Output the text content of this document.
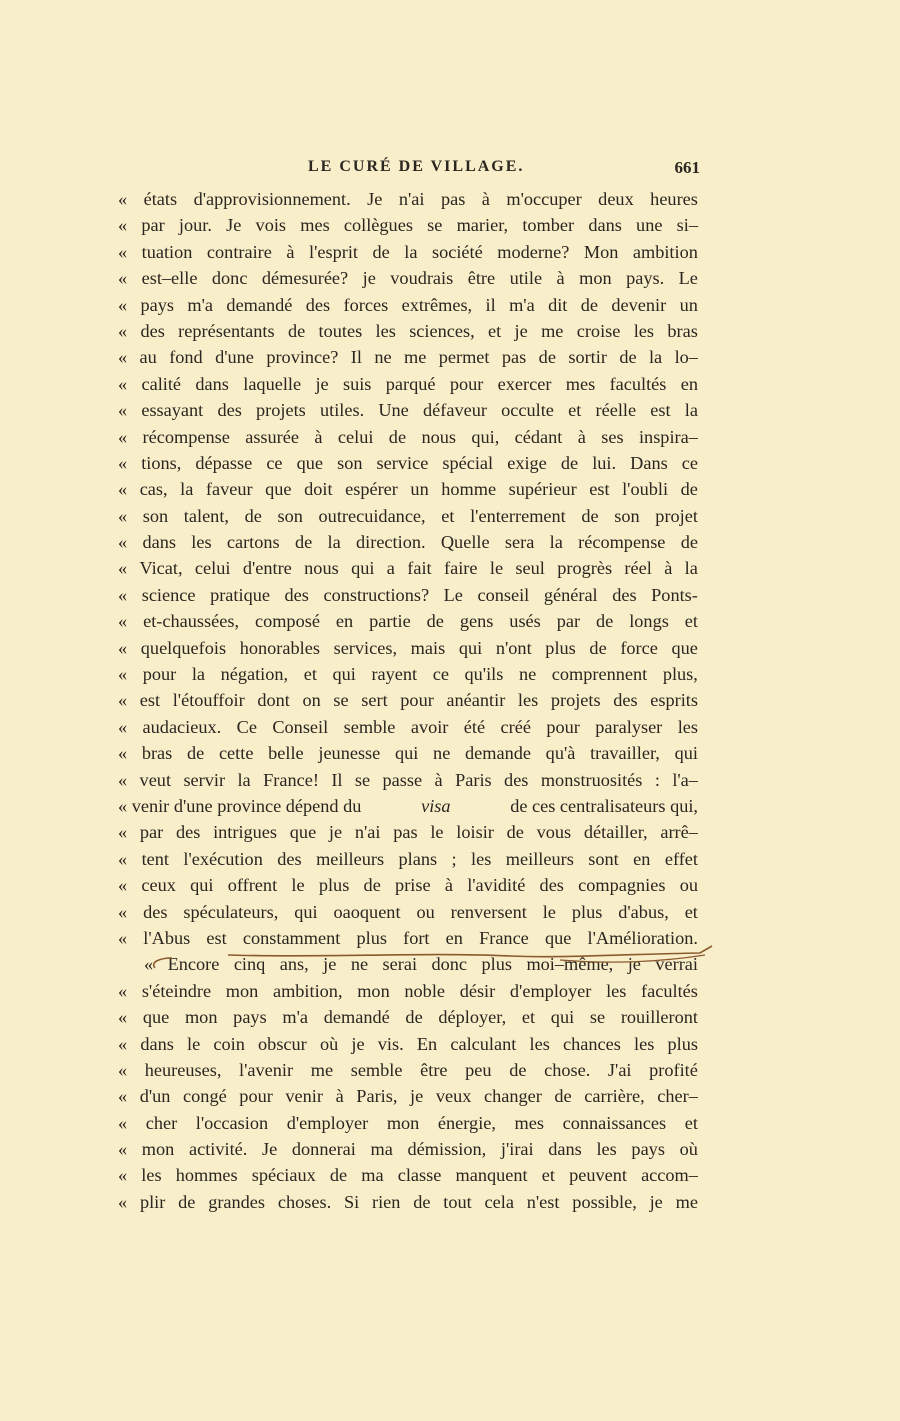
LE CURÉ DE VILLAGE.	661
« états d'approvisionnement. Je n'ai pas à m'occuper deux heures
« par jour. Je vois mes collègues se marier, tomber dans une si–
« tuation contraire à l'esprit de la société moderne? Mon ambition
« est–elle donc démesurée? je voudrais être utile à mon pays. Le
« pays m'a demandé des forces extrêmes, il m'a dit de devenir un
« des représentants de toutes les sciences, et je me croise les bras
« au fond d'une province? Il ne me permet pas de sortir de la lo–
« calité dans laquelle je suis parqué pour exercer mes facultés en
« essayant des projets utiles. Une défaveur occulte et réelle est la
« récompense assurée à celui de nous qui, cédant à ses inspira–
« tions, dépasse ce que son service spécial exige de lui. Dans ce
« cas, la faveur que doit espérer un homme supérieur est l'oubli de
« son talent, de son outrecuidance, et l'enterrement de son projet
« dans les cartons de la direction. Quelle sera la récompense de
« Vicat, celui d'entre nous qui a fait faire le seul progrès réel à la
« science pratique des constructions? Le conseil général des Ponts-
« et-chaussées, composé en partie de gens usés par de longs et
« quelquefois honorables services, mais qui n'ont plus de force que
« pour la négation, et qui rayent ce qu'ils ne comprennent plus,
« est l'étouffoir dont on se sert pour anéantir les projets des esprits
« audacieux. Ce Conseil semble avoir été créé pour paralyser les
« bras de cette belle jeunesse qui ne demande qu'à travailler, qui
« veut servir la France! Il se passe à Paris des monstruosités : l'a–
« venir d'une province dépend du	visa	de ces centralisateurs qui,
« par des intrigues que je n'ai pas le loisir de vous détailler, arrê–
« tent l'exécution des meilleurs plans ; les meilleurs sont en effet
« ceux qui offrent le plus de prise à l'avidité des compagnies ou
« des spéculateurs, qui oaoquent ou renversent le plus d'abus, et
« l'Abus est constamment plus fort en France que l'Amélioration.
« Encore cinq ans, je ne serai donc plus moi–même, je verrai
« s'éteindre mon ambition, mon noble désir d'employer les facultés
« que mon pays m'a demandé de déployer, et qui se rouilleront
« dans le coin obscur où je vis. En calculant les chances les plus
« heureuses, l'avenir me semble être peu de chose. J'ai profité
« d'un congé pour venir à Paris, je veux changer de carrière, cher–
« cher l'occasion d'employer mon énergie, mes connaissances et
« mon activité. Je donnerai ma démission, j'irai dans les pays où
« les hommes spéciaux de ma classe manquent et peuvent accom–
« plir de grandes choses. Si rien de tout cela n'est possible, je me
